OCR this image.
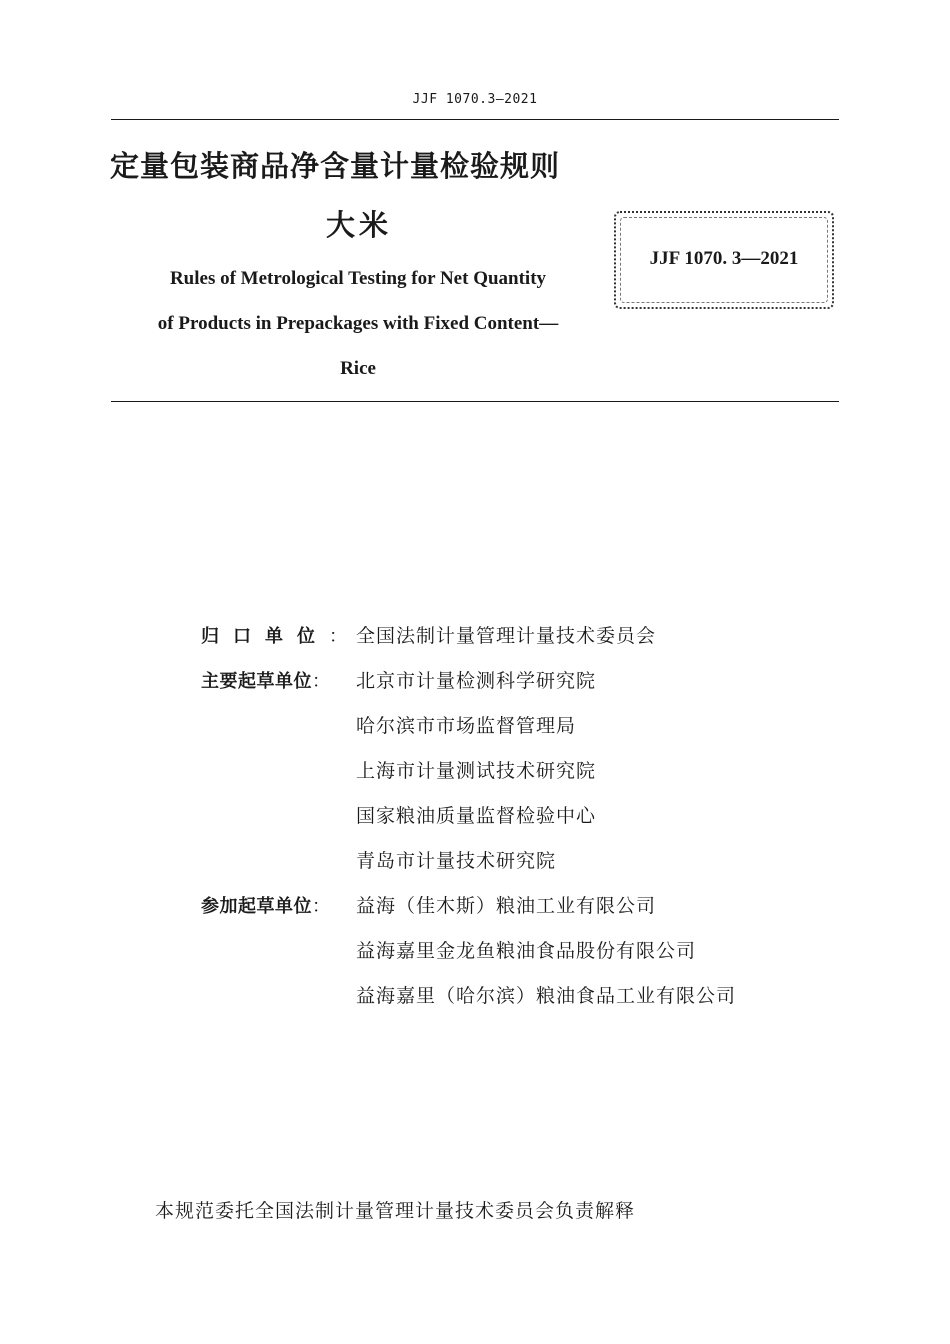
JJF 1070.3—2021
定量包装商品净含量计量检验规则
大米
Rules of Metrological Testing for Net Quantity
of Products in Prepackages with Fixed Content—
Rice
JJF 1070. 3—2021
归口单位： 全国法制计量管理计量技术委员会
主要起草单位：	北京市计量检测科学研究院
哈尔滨市市场监督管理局
上海市计量测试技术研究院
国家粮油质量监督检验中心
青岛市计量技术研究院
参加起草单位：	益海（佳木斯）粮油工业有限公司
益海嘉里金龙鱼粮油食品股份有限公司
益海嘉里（哈尔滨）粮油食品工业有限公司
本规范委托全国法制计量管理计量技术委员会负责解释
